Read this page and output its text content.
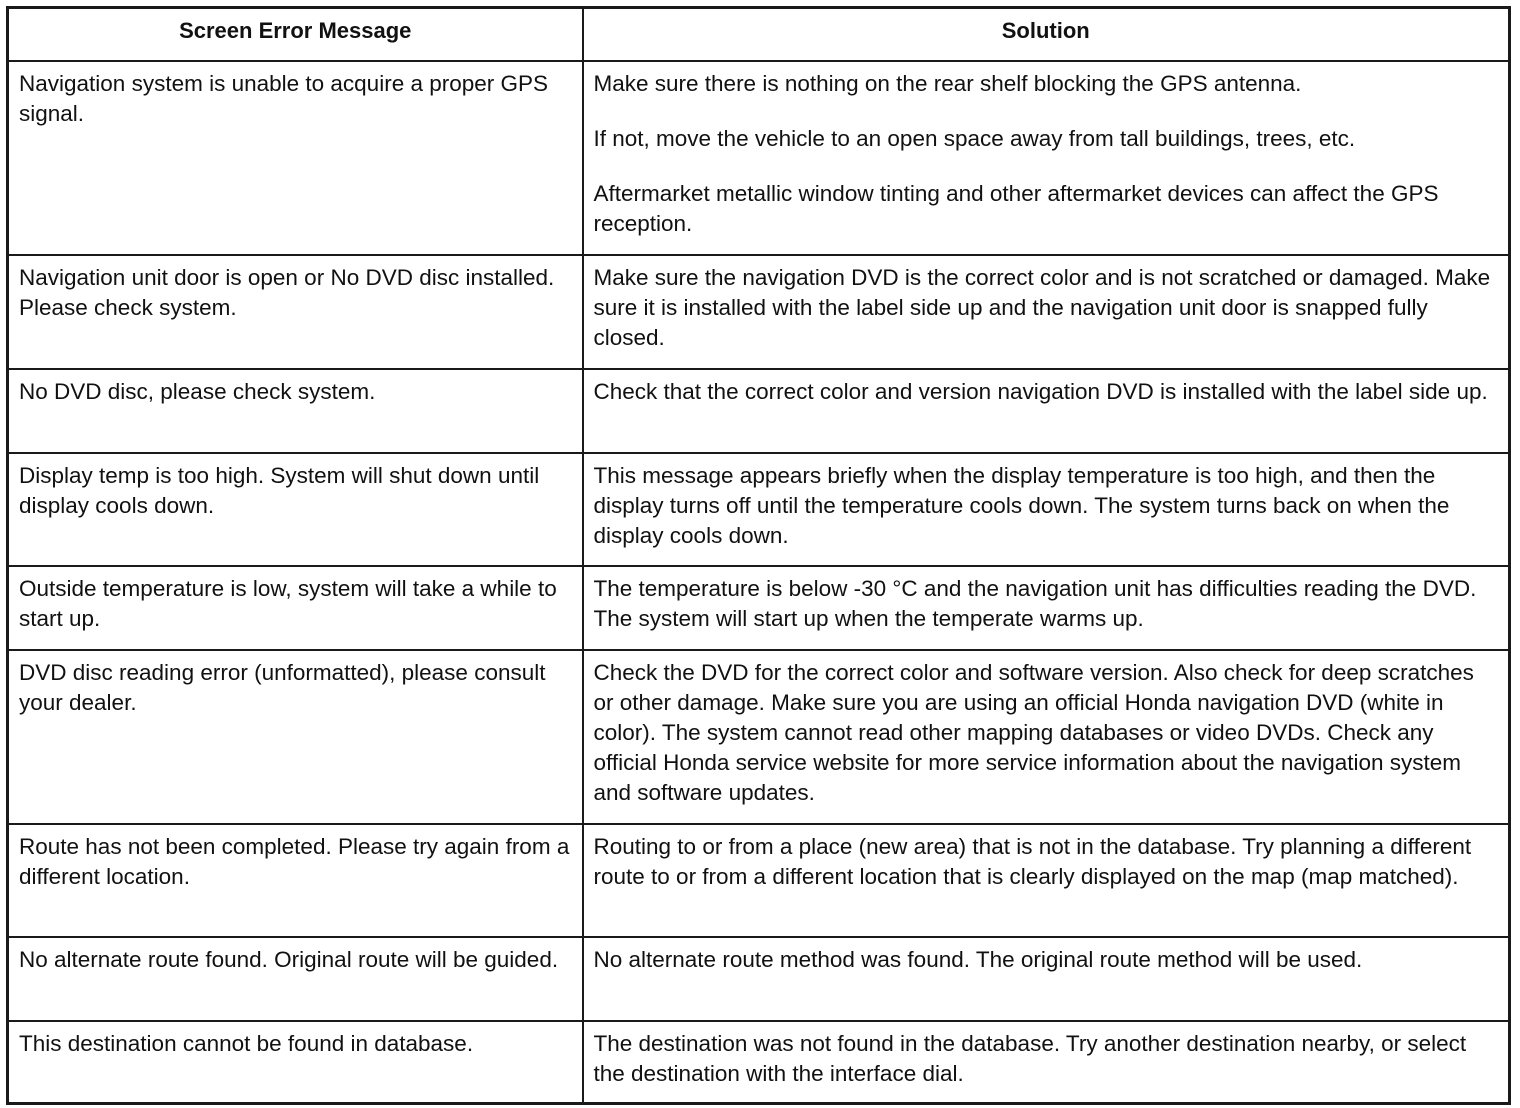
Screen Error Message	Solution
Navigation system is unable to acquire a proper GPS signal.	Make sure there is nothing on the rear shelf blocking the GPS antenna.

If not, move the vehicle to an open space away from tall buildings, trees, etc.

Aftermarket metallic window tinting and other aftermarket devices can affect the GPS reception.

Navigation unit door is open or No DVD disc installed. Please check system.	Make sure the navigation DVD is the correct color and is not scratched or damaged. Make sure it is installed with the label side up and the navigation unit door is snapped fully closed.

No DVD disc, please check system.	Check that the correct color and version navigation DVD is installed with the label side up.

Display temp is too high. System will shut down until display cools down.	This message appears briefly when the display temperature is too high, and then the display turns off until the temperature cools down. The system turns back on when the display cools down.

Outside temperature is low, system will take a while to start up.	The temperature is below -30 °C and the navigation unit has difficulties reading the DVD. The system will start up when the temperate warms up.

DVD disc reading error (unformatted), please consult your dealer.	Check the DVD for the correct color and software version. Also check for deep scratches or other damage. Make sure you are using an official Honda navigation DVD (white in color). The system cannot read other mapping databases or video DVDs. Check any official Honda service website for more service information about the navigation system and software updates.

Route has not been completed. Please try again from a different location.	Routing to or from a place (new area) that is not in the database. Try planning a different route to or from a different location that is clearly displayed on the map (map matched).

No alternate route found. Original route will be guided.	No alternate route method was found. The original route method will be used.

This destination cannot be found in database.	The destination was not found in the database. Try another destination nearby, or select the destination with the interface dial.
